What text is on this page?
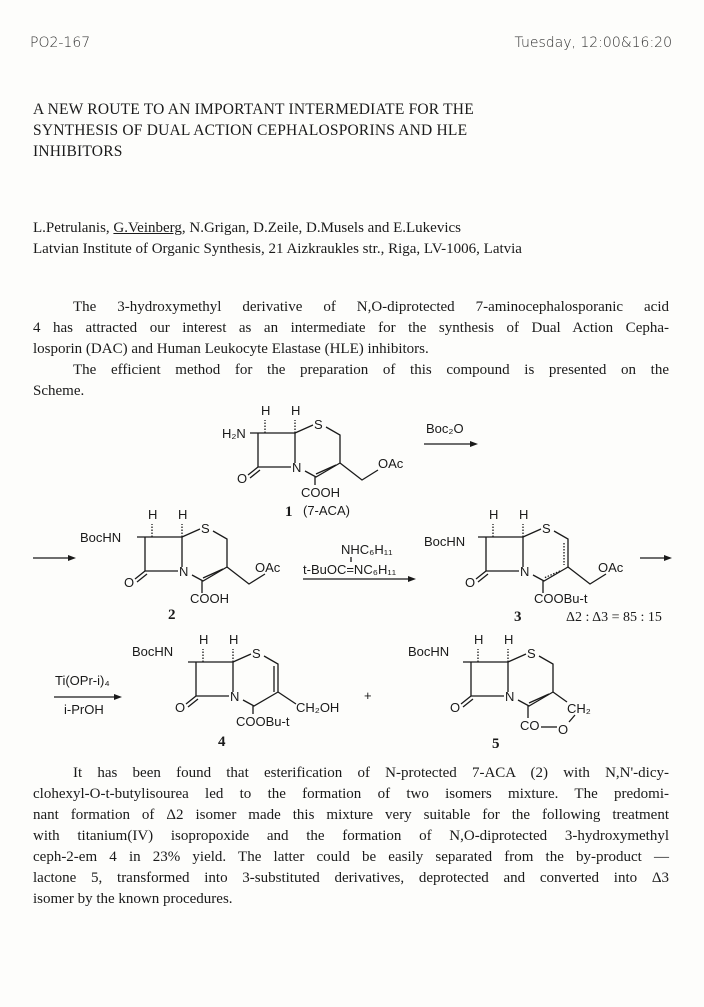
PO2-167	Tuesday, 12:00&16:20
A NEW ROUTE TO AN IMPORTANT INTERMEDIATE FOR THE
SYNTHESIS OF DUAL ACTION CEPHALOSPORINS AND HLE
INHIBITORS
L.Petrulanis, G.Veinberg, N.Grigan, D.Zeile, D.Musels and E.Lukevics
Latvian Institute of Organic Synthesis, 21 Aizkraukles str., Riga, LV-1006, Latvia
The 3-hydroxymethyl derivative of N,O-diprotected 7-aminocephalosporanic acid
4 has attracted our interest as an intermediate for the synthesis of Dual Action Cepha-
losporin (DAC) and Human Leukocyte Elastase (HLE) inhibitors.
The efficient method for the preparation of this compound is presented on the
Scheme.
H H
S
N
O
H₂N
OAc
COOH
1 (7-ACA)
Boc₂O
H H
S
N
O
BocHN
OAc
COOH
2
NHC₆H₁₁
t-BuOC=NC₆H₁₁
H H
S
N
O
BocHN
OAc
COOBu-t
3	Δ2 : Δ3 = 85 : 15
Ti(OPr-i)₄
i-PrOH
H H
S
N
O
BocHN
CH₂OH
COOBu-t
4
+
H H
S
N
O
BocHN
CH₂
CO O
5
It has been found that esterification of N-protected 7-ACA (2) with N,N'-dicy-
clohexyl-O-t-butylisourea led to the formation of two isomers mixture. The predomi-
nant formation of Δ2 isomer made this mixture very suitable for the following treatment
with titanium(IV) isopropoxide and the formation of N,O-diprotected 3-hydroxymethyl
ceph-2-em 4 in 23% yield. The latter could be easily separated from the by-product —
lactone 5, transformed into 3-substituted derivatives, deprotected and converted into Δ3
isomer by the known procedures.
